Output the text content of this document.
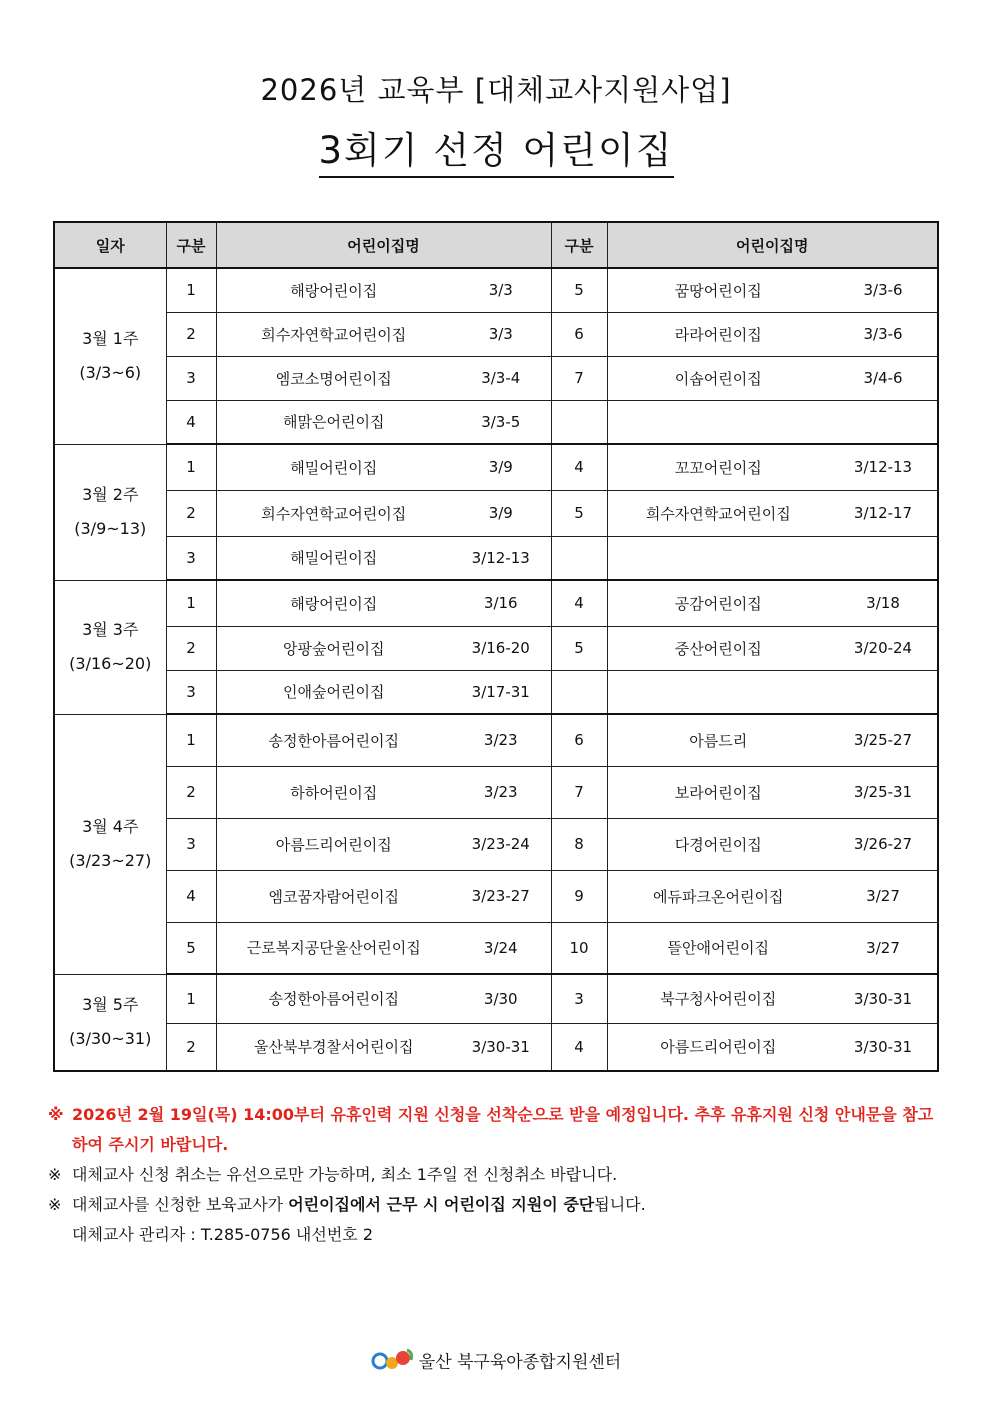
2026년 교육부 [대체교사지원사업]
3회기 선정 어린이집
일자	구분	어린이집명		구분	어린이집명	

3월 1주
(3/3~6)	1	해랑어린이집	3/3	5	꿈땅어린이집	3/3-6
	2	희수자연학교어린이집	3/3	6	라라어린이집	3/3-6
	3	엠코소명어린이집	3/3-4	7	이솝어린이집	3/4-6
	4	해맑은어린이집	3/3-5			

3월 2주
(3/9~13)	1	해밀어린이집	3/9	4	꼬꼬어린이집	3/12-13
	2	희수자연학교어린이집	3/9	5	희수자연학교어린이집	3/12-17
	3	해밀어린이집	3/12-13			

3월 3주
(3/16~20)	1	해랑어린이집	3/16	4	공감어린이집	3/18
	2	앙팡숲어린이집	3/16-20	5	중산어린이집	3/20-24
	3	인애숲어린이집	3/17-31			

3월 4주
(3/23~27)	1	송정한아름어린이집	3/23	6	아름드리	3/25-27
	2	하하어린이집	3/23	7	보라어린이집	3/25-31
	3	아름드리어린이집	3/23-24	8	다경어린이집	3/26-27
	4	엠코꿈자람어린이집	3/23-27	9	에듀파크온어린이집	3/27
	5	근로복지공단울산어린이집	3/24	10	뜰안애어린이집	3/27

3월 5주
(3/30~31)	1	송정한아름어린이집	3/30	3	북구청사어린이집	3/30-31
	2	울산북부경찰서어린이집	3/30-31	4	아름드리어린이집	3/30-31
※ 2026년 2월 19일(목) 14:00부터 유휴인력 지원 신청을 선착순으로 받을 예정입니다. 추후 유휴지원 신청 안내문을 참고하여 주시기 바랍니다.
※ 대체교사 신청 취소는 유선으로만 가능하며, 최소 1주일 전 신청취소 바랍니다.
※ 대체교사를 신청한 보육교사가 어린이집에서 근무 시 어린이집 지원이 중단됩니다.
대체교사 관리자 : T.285-0756 내선번호 2
울산 북구육아종합지원센터
